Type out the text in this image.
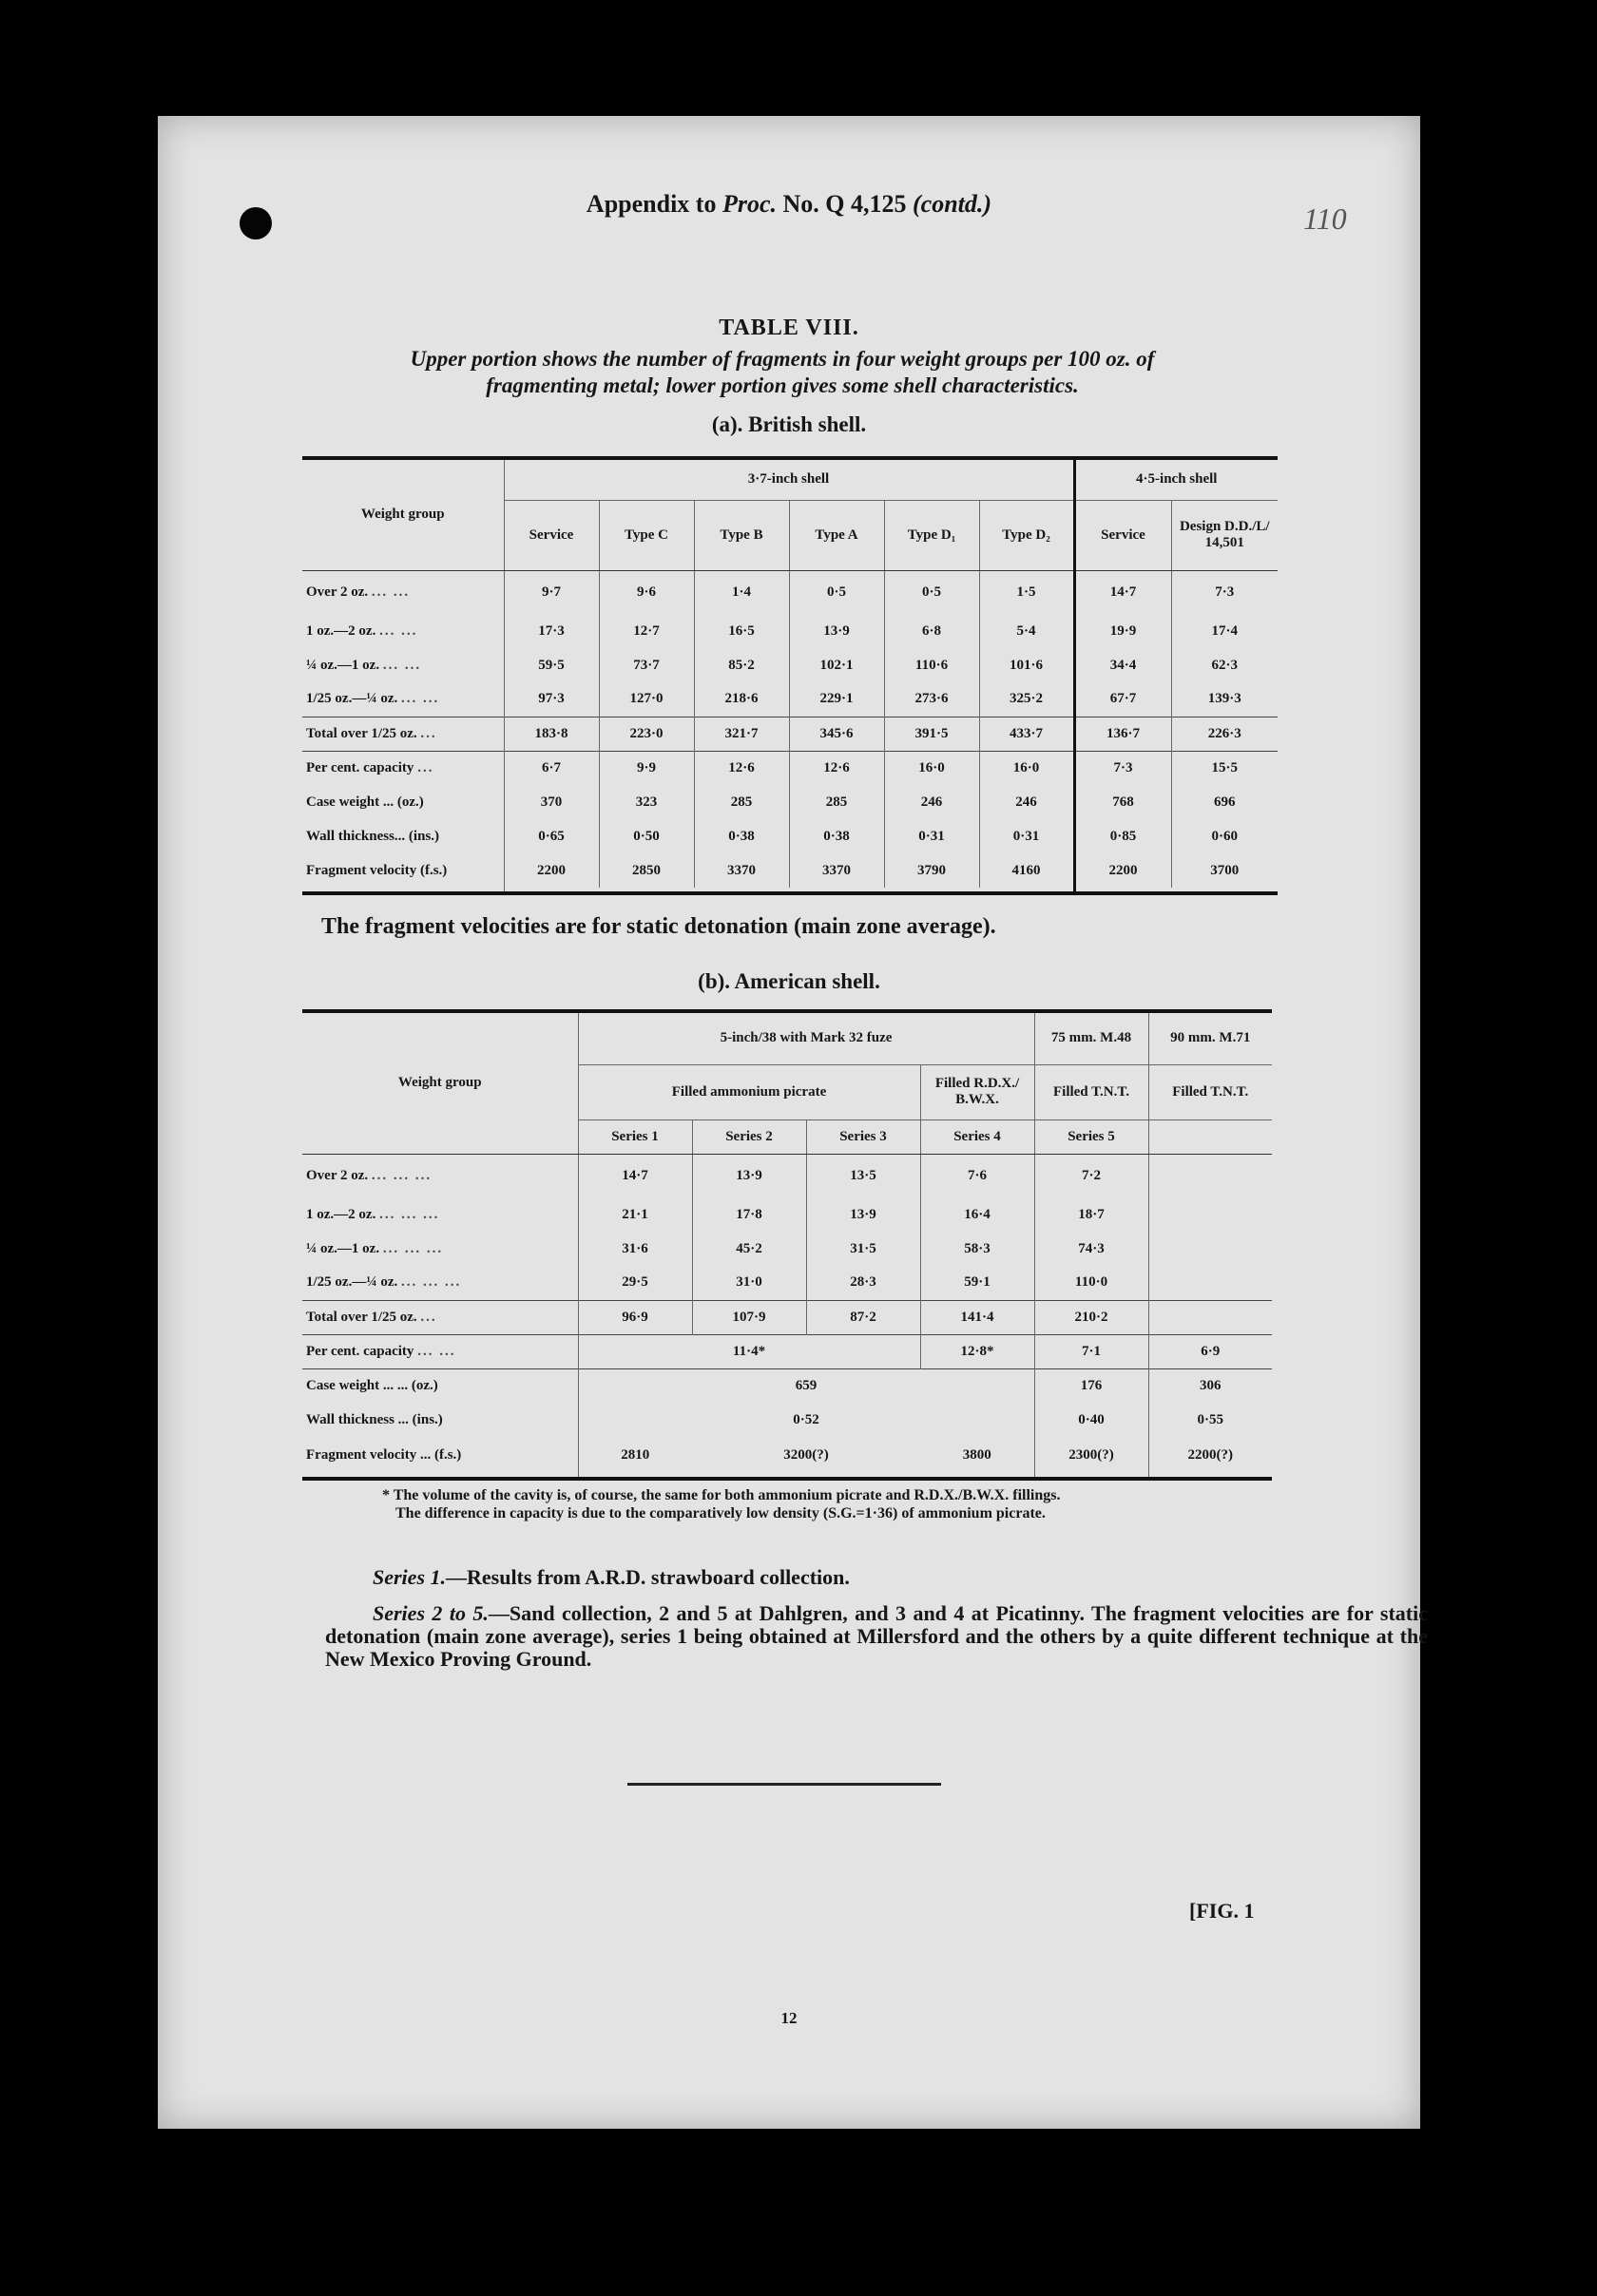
110
Appendix to Proc. No. Q 4,125 (contd.)
TABLE VIII.
Upper portion shows the number of fragments in four weight groups per 100 oz. of fragmenting metal; lower portion gives some shell characteristics.
(a). British shell.
Weight group	3·7-inch shell						4·5-inch shell	
	Service	Type C	Type B	Type A	Type D₁	Type D₂	Service	Design D.D./L/ 14,501
Over 2 oz. ... ...	9·7	9·6	1·4	0·5	0·5	1·5	14·7	7·3
1 oz.—2 oz. ... ...	17·3	12·7	16·5	13·9	6·8	5·4	19·9	17·4
¼ oz.—1 oz. ... ...	59·5	73·7	85·2	102·1	110·6	101·6	34·4	62·3
1/25 oz.—¼ oz. ... ...	97·3	127·0	218·6	229·1	273·6	325·2	67·7	139·3
Total over 1/25 oz. ...	183·8	223·0	321·7	345·6	391·5	433·7	136·7	226·3
Per cent. capacity ...	6·7	9·9	12·6	12·6	16·0	16·0	7·3	15·5
Case weight ... (oz.)	370	323	285	285	246	246	768	696
Wall thickness... (ins.)	0·65	0·50	0·38	0·38	0·31	0·31	0·85	0·60
Fragment velocity (f.s.)	2200	2850	3370	3370	3790	4160	2200	3700

The fragment velocities are for static detonation (main zone average).
(b). American shell.
Weight group	5-inch/38 with Mark 32 fuze				75 mm. M.48	90 mm. M.71
	Filled ammonium picrate			Filled R.D.X./ B.W.X.	Filled T.N.T.	Filled T.N.T.
	Series 1	Series 2	Series 3	Series 4	Series 5	
Over 2 oz. ... ... ...	14·7	13·9	13·5	7·6	7·2	
1 oz.—2 oz. ... ... ...	21·1	17·8	13·9	16·4	18·7	
¼ oz.—1 oz. ... ... ...	31·6	45·2	31·5	58·3	74·3	
1/25 oz.—¼ oz. ... ... ...	29·5	31·0	28·3	59·1	110·0	
Total over 1/25 oz. ...	96·9	107·9	87·2	141·4	210·2	
Per cent. capacity ... ...	11·4*			12·8*	7·1	6·9
Case weight ... ... (oz.)	659				176	306
Wall thickness ... (ins.)	0·52				0·40	0·55
Fragment velocity ... (f.s.)	2810	3200(?)		3800	2300(?)	2200(?)

* The volume of the cavity is, of course, the same for both ammonium picrate and R.D.X./B.W.X. fillings.
The difference in capacity is due to the comparatively low density (S.G.=1·36) of ammonium picrate.
Series 1.—Results from A.R.D. strawboard collection.
Series 2 to 5.—Sand collection, 2 and 5 at Dahlgren, and 3 and 4 at Picatinny. The fragment velocities are for static detonation (main zone average), series 1 being obtained at Millersford and the others by a quite different technique at the New Mexico Proving Ground.
[FIG. 1
12
